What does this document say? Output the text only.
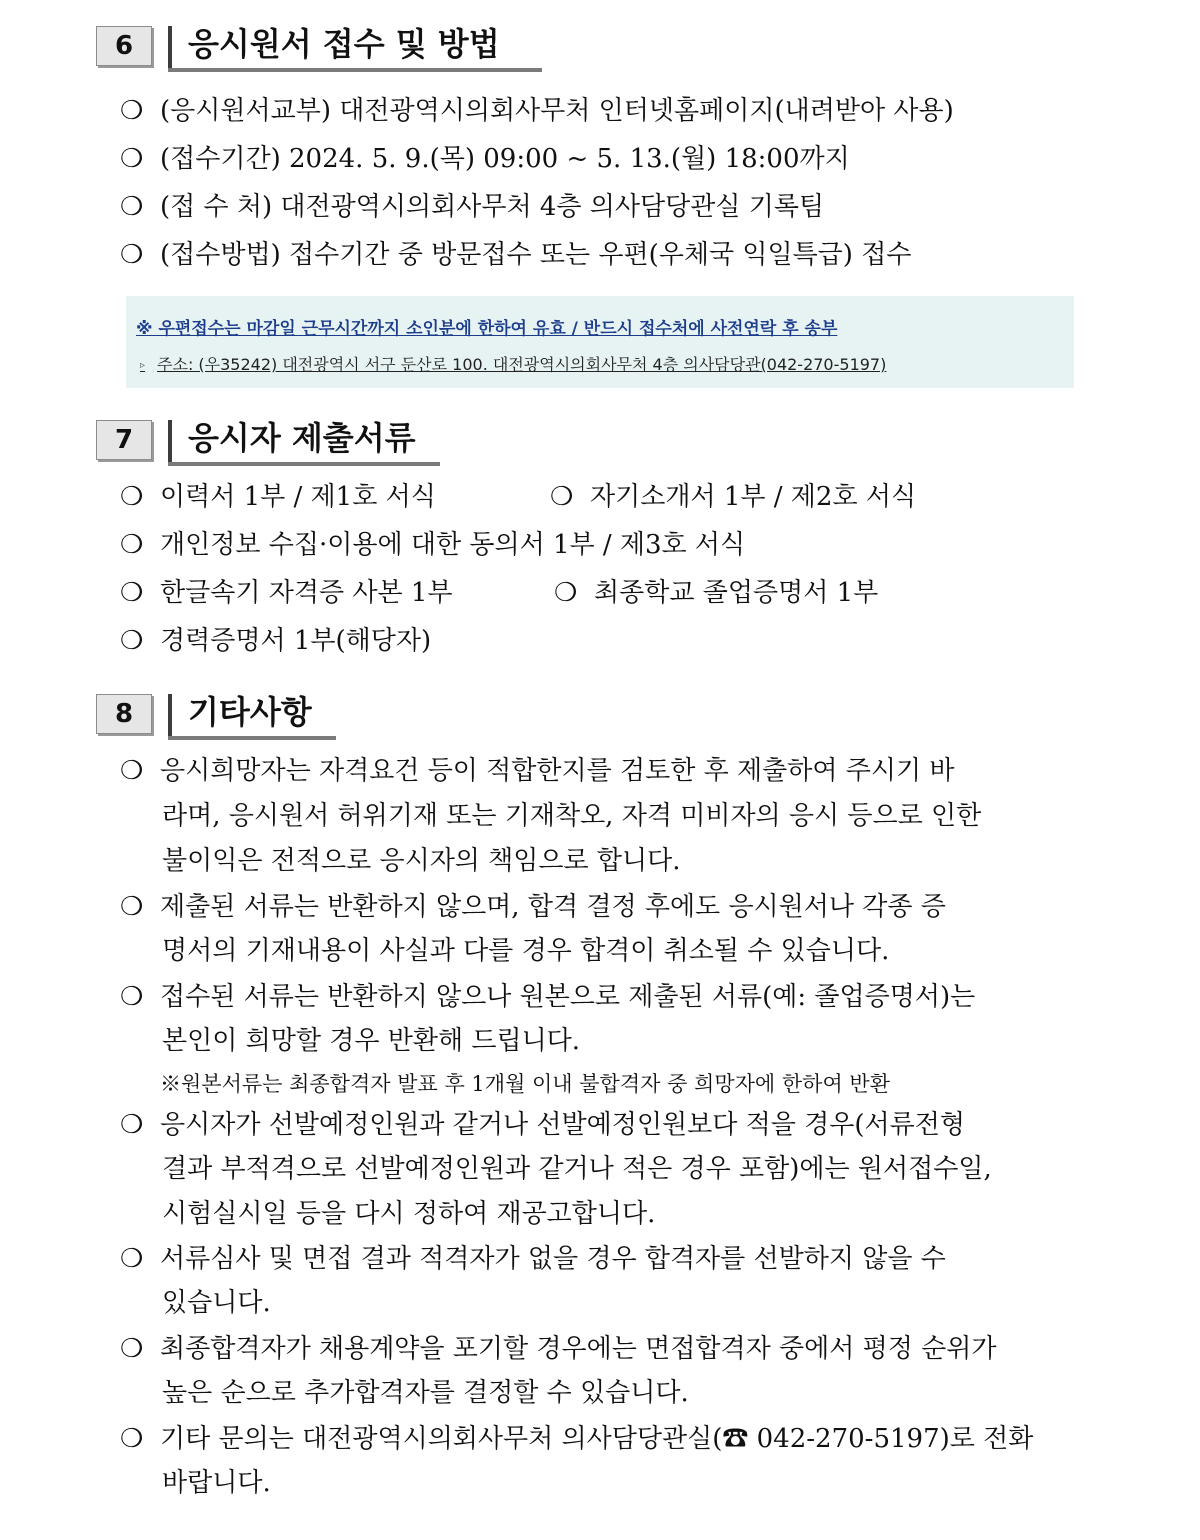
6	응시원서 접수 및 방법
❍ (응시원서교부) 대전광역시의회사무처 인터넷홈페이지(내려받아 사용)
❍ (접수기간) 2024. 5. 9.(목) 09:00 ~ 5. 13.(월) 18:00까지
❍ (접 수 처) 대전광역시의회사무처 4층 의사담당관실 기록팀
❍ (접수방법) 접수기간 중 방문접수 또는 우편(우체국 익일특급) 접수
※ 우편접수는 마감일 근무시간까지 소인분에 한하여 유효 / 반드시 접수처에 사전연락 후 송부
▹ 주소: (우35242) 대전광역시 서구 둔산로 100. 대전광역시의회사무처 4층 의사담당관(042-270-5197)
7	응시자 제출서류
❍ 이력서 1부 / 제1호 서식	❍ 자기소개서 1부 / 제2호 서식
❍ 개인정보 수집·이용에 대한 동의서 1부 / 제3호 서식
❍ 한글속기 자격증 사본 1부	❍ 최종학교 졸업증명서 1부
❍ 경력증명서 1부(해당자)
8	기타사항
❍ 응시희망자는 자격요건 등이 적합한지를 검토한 후 제출하여 주시기 바
라며, 응시원서 허위기재 또는 기재착오, 자격 미비자의 응시 등으로 인한
불이익은 전적으로 응시자의 책임으로 합니다.
❍ 제출된 서류는 반환하지 않으며, 합격 결정 후에도 응시원서나 각종 증
명서의 기재내용이 사실과 다를 경우 합격이 취소될 수 있습니다.
❍ 접수된 서류는 반환하지 않으나 원본으로 제출된 서류(예: 졸업증명서)는
본인이 희망할 경우 반환해 드립니다.
※원본서류는 최종합격자 발표 후 1개월 이내 불합격자 중 희망자에 한하여 반환
❍ 응시자가 선발예정인원과 같거나 선발예정인원보다 적을 경우(서류전형
결과 부적격으로 선발예정인원과 같거나 적은 경우 포함)에는 원서접수일,
시험실시일 등을 다시 정하여 재공고합니다.
❍ 서류심사 및 면접 결과 적격자가 없을 경우 합격자를 선발하지 않을 수
있습니다.
❍ 최종합격자가 채용계약을 포기할 경우에는 면접합격자 중에서 평정 순위가
높은 순으로 추가합격자를 결정할 수 있습니다.
❍ 기타 문의는 대전광역시의회사무처 의사담당관실(☎ 042-270-5197)로 전화
바랍니다.
